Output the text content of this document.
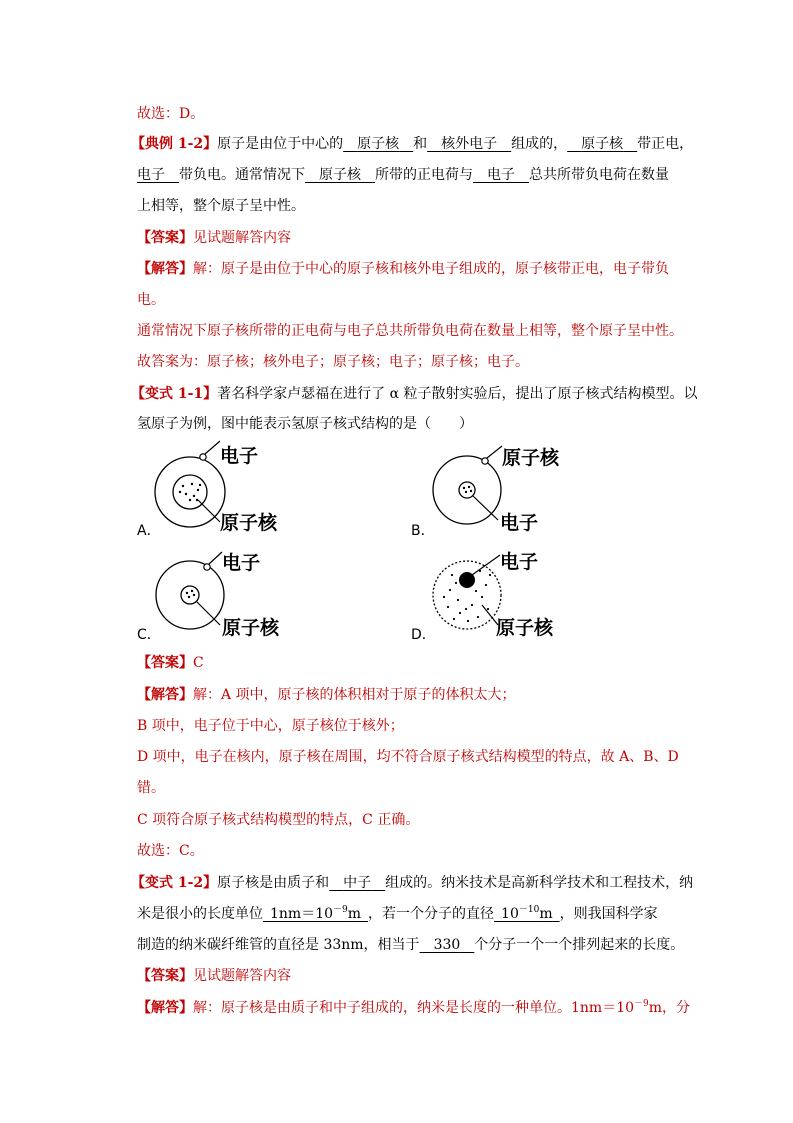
故选：D。
【典例 1-2】原子是由位于中心的  原子核  和  核外电子  组成的，  原子核  带正电，
电子  带负电。通常情况下  原子核  所带的正电荷与  电子  总共所带负电荷在数量
上相等，整个原子呈中性。
【答案】见试题解答内容
【解答】解：原子是由位于中心的原子核和核外电子组成的，原子核带正电，电子带负
电。
通常情况下原子核所带的正电荷与电子总共所带负电荷在数量上相等，整个原子呈中性。
故答案为：原子核；核外电子；原子核；电子；原子核；电子。
【变式 1-1】著名科学家卢瑟福在进行了 α 粒子散射实验后，提出了原子核式结构模型。以
氢原子为例，图中能表示氢原子核式结构的是（　　）
电子
原子核
A．
原子核
电子
B．
电子
原子核
C．
电子
原子核
D．
【答案】C
【解答】解：A 项中，原子核的体积相对于原子的体积太大；
B 项中，电子位于中心，原子核位于核外；
D 项中，电子在核内，原子核在周围，均不符合原子核式结构模型的特点，故 A、B、D
错。
C 项符合原子核式结构模型的特点，C 正确。
故选：C。
【变式 1-2】原子核是由质子和  中子  组成的。纳米技术是高新科学技术和工程技术，纳
米是很小的长度单位  $1nm=10^{-9}m$  ，若一个分子的直径  $10^{-10}m$  ，则我国科学家
制造的纳米碳纤维管的直径是 33nm，相当于  330  个分子一个一个排列起来的长度。
【答案】见试题解答内容
【解答】解：原子核是由质子和中子组成的，纳米是长度的一种单位。$1nm=10^{-9}m$，分
